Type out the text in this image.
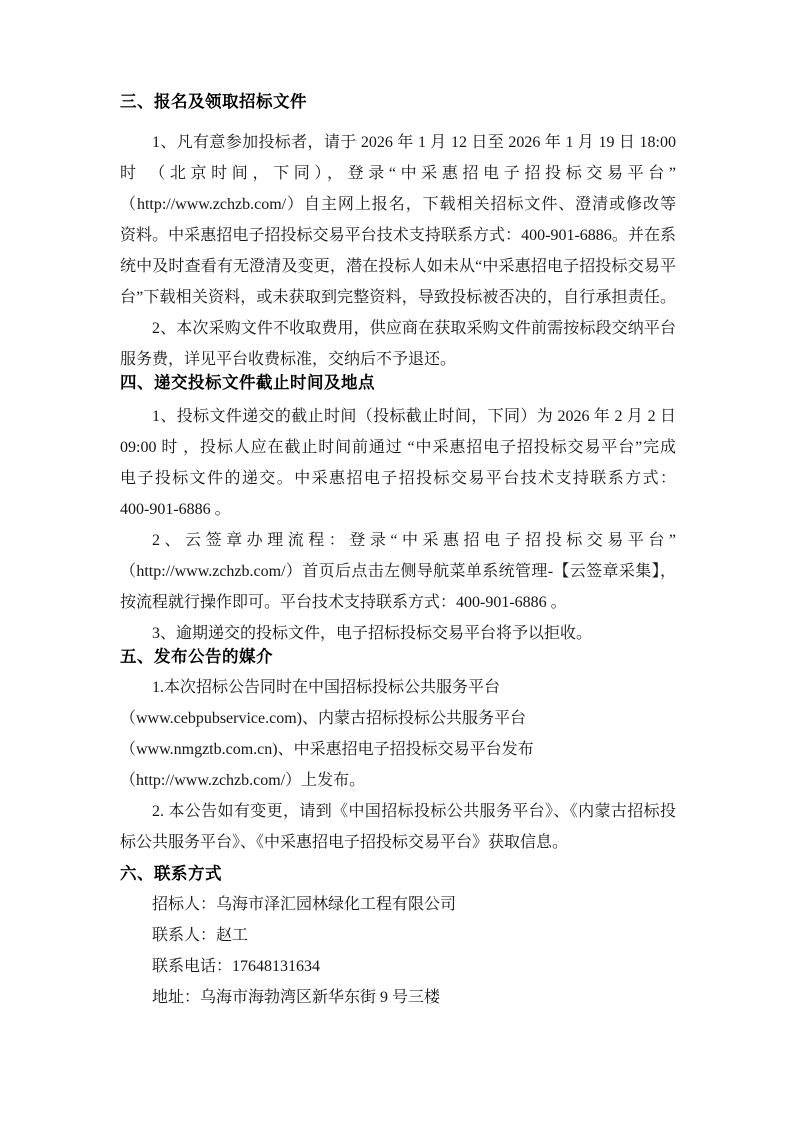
三、报名及领取招标文件

1、凡有意参加投标者，请于 2026 年 1 月 12 日至 2026 年 1 月 19 日 18:00
时 （北京时间，下同），登录“中采惠招电子招投标交易平台”
（http://www.zchzb.com/）自主网上报名，下载相关招标文件、澄清或修改等
资料。中采惠招电子招投标交易平台技术支持联系方式：400-901-6886。并在系
统中及时查看有无澄清及变更，潜在投标人如未从“中采惠招电子招投标交易平
台”下载相关资料，或未获取到完整资料，导致投标被否决的，自行承担责任。

2、本次采购文件不收取费用，供应商在获取采购文件前需按标段交纳平台
服务费，详见平台收费标准，交纳后不予退还。

四、递交投标文件截止时间及地点

1、投标文件递交的截止时间（投标截止时间，下同）为 2026 年 2 月 2 日
09:00 时 ，投标人应在截止时间前通过 “中采惠招电子招投标交易平台”完成
电子投标文件的递交。中采惠招电子招投标交易平台技术支持联系方式：
400-901-6886 。

2、云签章办理流程：登录“中采惠招电子招投标交易平台”
（http://www.zchzb.com/）首页后点击左侧导航菜单系统管理-【云签章采集】，
按流程就行操作即可。平台技术支持联系方式：400-901-6886 。

3、逾期递交的投标文件，电子招标投标交易平台将予以拒收。

五、发布公告的媒介

1.本次招标公告同时在中国招标投标公共服务平台
（www.cebpubservice.com)、内蒙古招标投标公共服务平台
（www.nmgztb.com.cn)、中采惠招电子招投标交易平台发布
（http://www.zchzb.com/）上发布。

2. 本公告如有变更，请到《中国招标投标公共服务平台》、《内蒙古招标投
标公共服务平台》、《中采惠招电子招投标交易平台》获取信息。

六、联系方式

招标人：乌海市泽汇园林绿化工程有限公司

联系人：赵工

联系电话：17648131634

地址：乌海市海勃湾区新华东街 9 号三楼
